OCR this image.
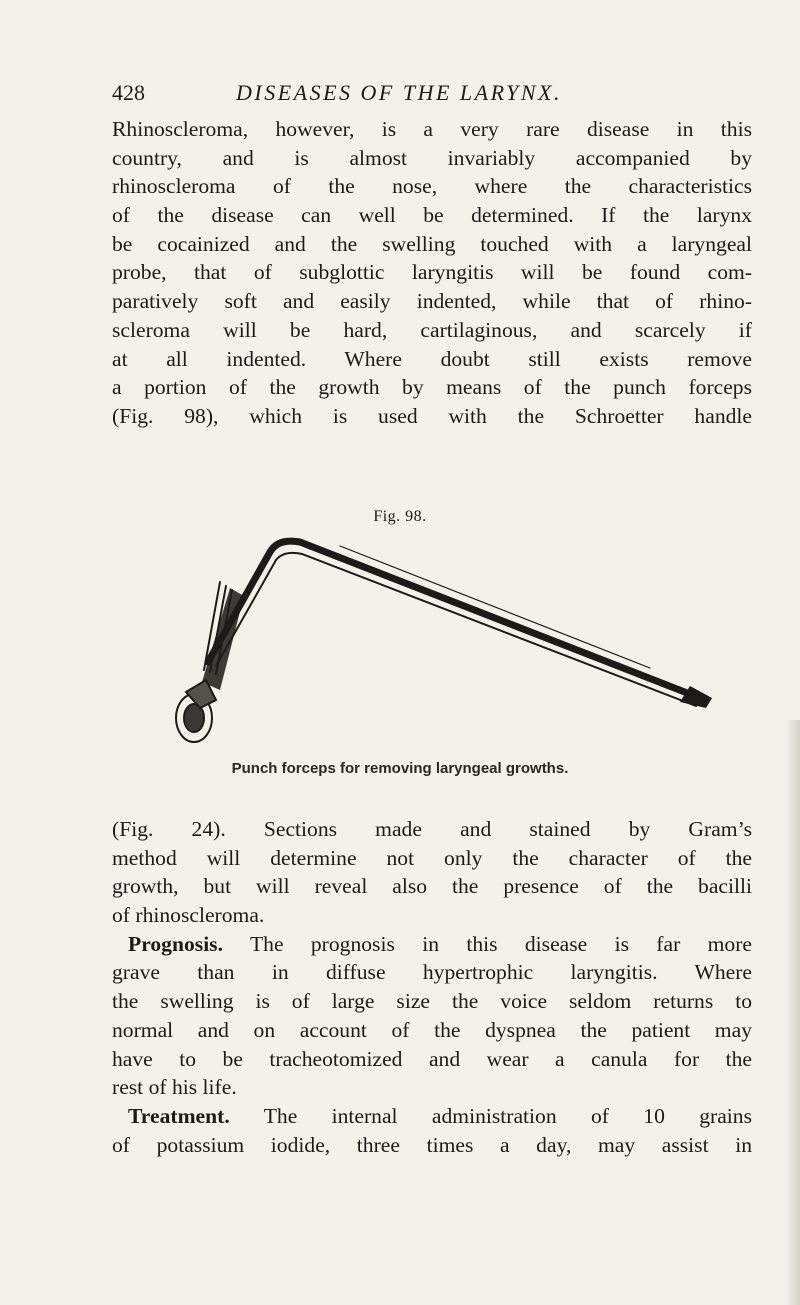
428	DISEASES OF THE LARYNX.
Rhinoscleroma, however, is a very rare disease in this
country, and is almost invariably accompanied by
rhinoscleroma of the nose, where the characteristics
of the disease can well be determined. If the larynx
be cocainized and the swelling touched with a laryngeal
probe, that of subglottic laryngitis will be found com-
paratively soft and easily indented, while that of rhino-
scleroma will be hard, cartilaginous, and scarcely if
at all indented. Where doubt still exists remove
a portion of the growth by means of the punch forceps
(Fig. 98), which is used with the Schroetter handle
Fig. 98.
Punch forceps for removing laryngeal growths.
(Fig. 24). Sections made and stained by Gram’s
method will determine not only the character of the
growth, but will reveal also the presence of the bacilli
of rhinoscleroma.
Prognosis. The prognosis in this disease is far more
grave than in diffuse hypertrophic laryngitis. Where
the swelling is of large size the voice seldom returns to
normal and on account of the dyspnea the patient may
have to be tracheotomized and wear a canula for the
rest of his life.
Treatment. The internal administration of 10 grains
of potassium iodide, three times a day, may assist in
